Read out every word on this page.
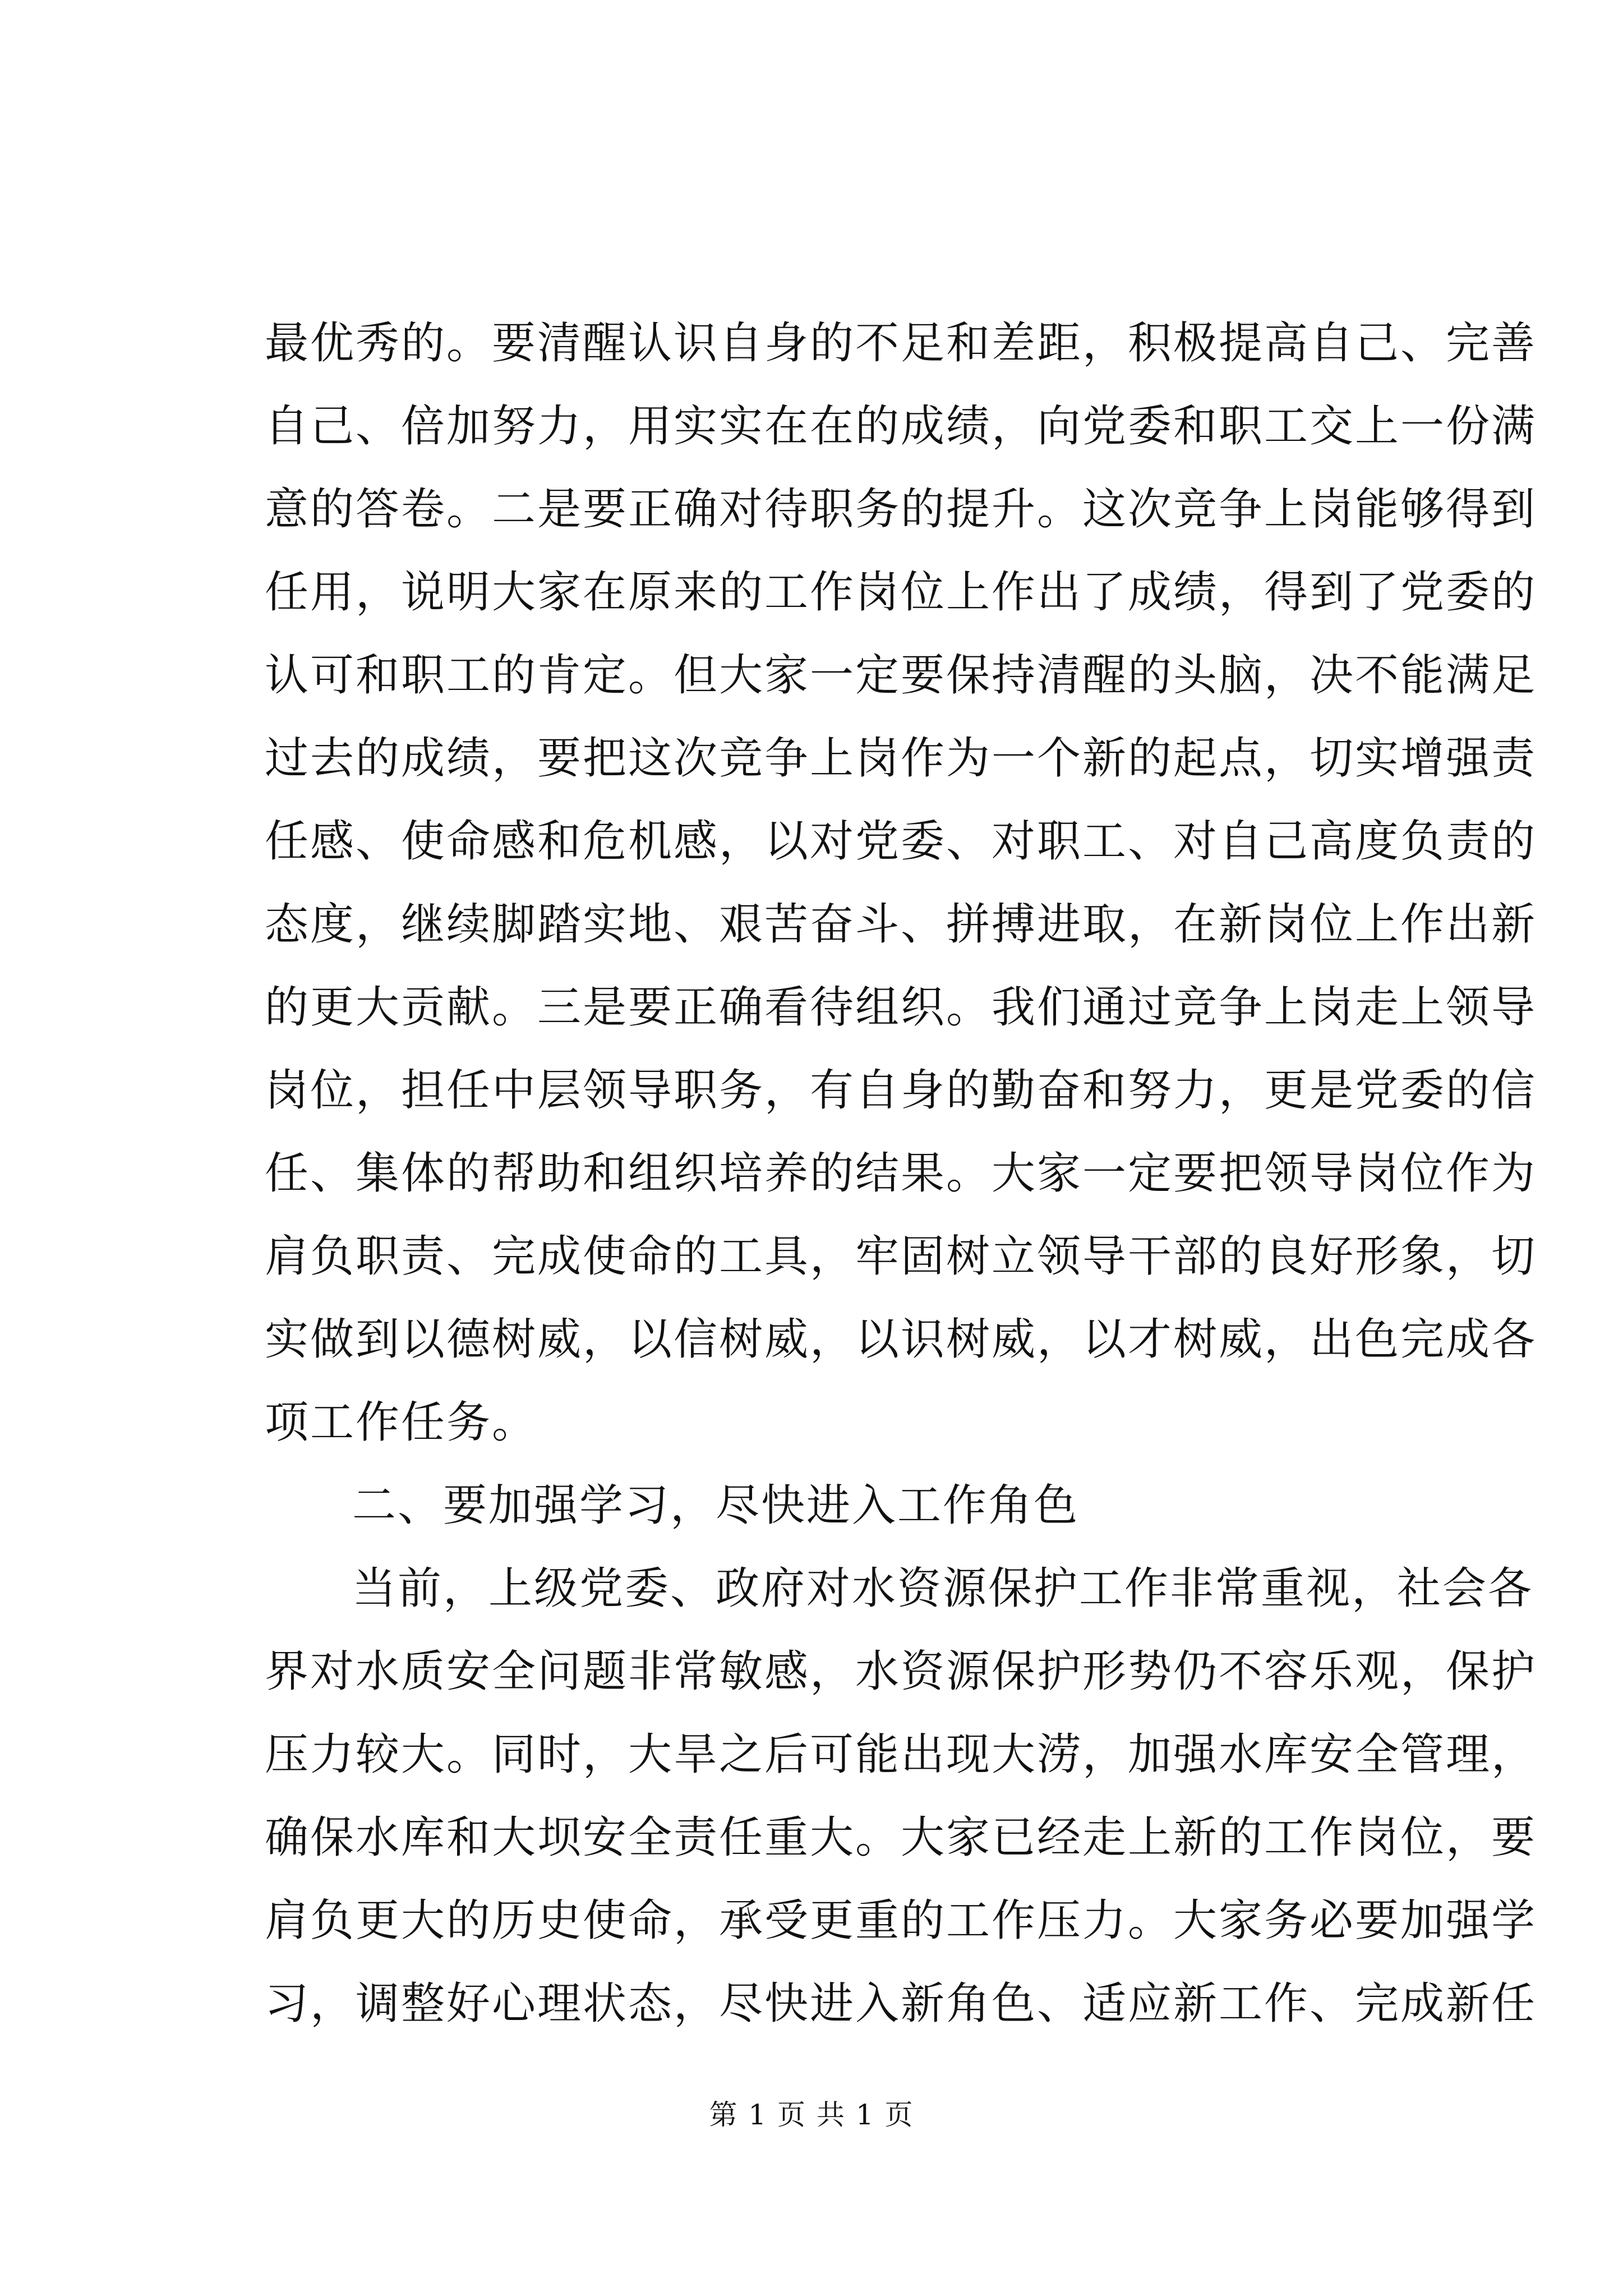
最优秀的。要清醒认识自身的不足和差距，积极提高自己、完善
自己、倍加努力，用实实在在的成绩，向党委和职工交上一份满
意的答卷。二是要正确对待职务的提升。这次竞争上岗能够得到
任用，说明大家在原来的工作岗位上作出了成绩，得到了党委的
认可和职工的肯定。但大家一定要保持清醒的头脑，决不能满足
过去的成绩，要把这次竞争上岗作为一个新的起点，切实增强责
任感、使命感和危机感，以对党委、对职工、对自己高度负责的
态度，继续脚踏实地、艰苦奋斗、拼搏进取，在新岗位上作出新
的更大贡献。三是要正确看待组织。我们通过竞争上岗走上领导
岗位，担任中层领导职务，有自身的勤奋和努力，更是党委的信
任、集体的帮助和组织培养的结果。大家一定要把领导岗位作为
肩负职责、完成使命的工具，牢固树立领导干部的良好形象，切
实做到以德树威，以信树威，以识树威，以才树威，出色完成各
项工作任务。
二、要加强学习，尽快进入工作角色
当前，上级党委、政府对水资源保护工作非常重视，社会各
界对水质安全问题非常敏感，水资源保护形势仍不容乐观，保护
压力较大。同时，大旱之后可能出现大涝，加强水库安全管理，
确保水库和大坝安全责任重大。大家已经走上新的工作岗位，要
肩负更大的历史使命，承受更重的工作压力。大家务必要加强学
习，调整好心理状态，尽快进入新角色、适应新工作、完成新任
第 1 页 共 1 页
